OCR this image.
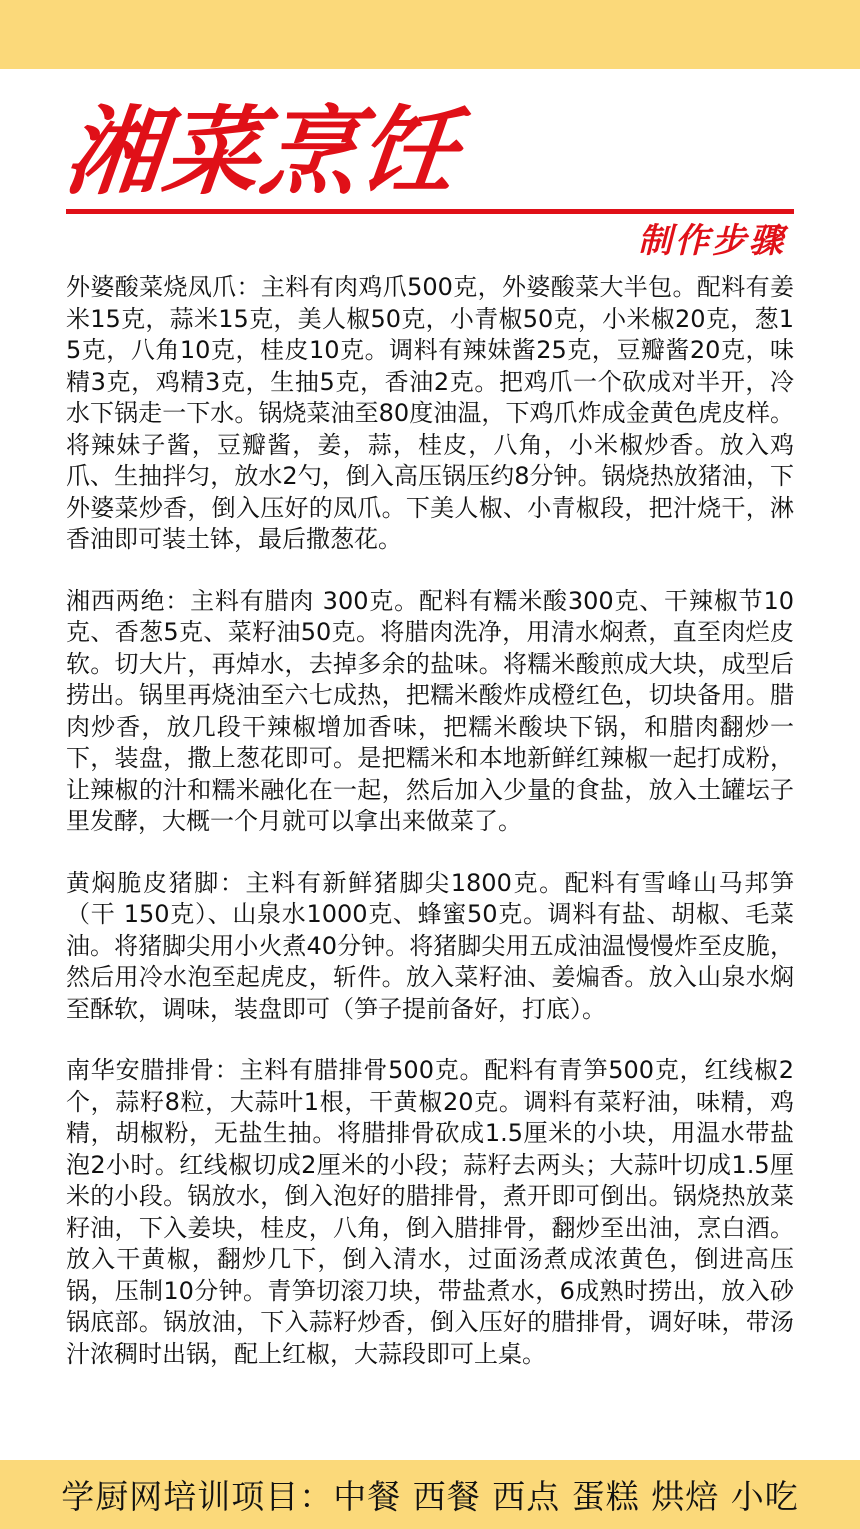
湘菜烹饪
制作步骤

外婆酸菜烧凤爪：主料有肉鸡爪500克，外婆酸菜大半包。配料有姜米15克，蒜米15克，美人椒50克，小青椒50克，小米椒20克，葱15克，八角10克，桂皮10克。调料有辣妹酱25克，豆瓣酱20克，味精3克，鸡精3克，生抽5克，香油2克。把鸡爪一个砍成对半开，冷水下锅走一下水。锅烧菜油至80度油温，下鸡爪炸成金黄色虎皮样。将辣妹子酱，豆瓣酱，姜，蒜，桂皮，八角，小米椒炒香。放入鸡爪、生抽拌匀，放水2勺，倒入高压锅压约8分钟。锅烧热放猪油，下外婆菜炒香，倒入压好的凤爪。下美人椒、小青椒段，把汁烧干，淋香油即可装土钵，最后撒葱花。

湘西两绝：主料有腊肉 300克。配料有糯米酸300克、干辣椒节10克、香葱5克、菜籽油50克。将腊肉洗净，用清水焖煮，直至肉烂皮软。切大片，再焯水，去掉多余的盐味。将糯米酸煎成大块，成型后捞出。锅里再烧油至六七成热，把糯米酸炸成橙红色，切块备用。腊肉炒香，放几段干辣椒增加香味，把糯米酸块下锅，和腊肉翻炒一下，装盘，撒上葱花即可。是把糯米和本地新鲜红辣椒一起打成粉，让辣椒的汁和糯米融化在一起，然后加入少量的食盐，放入土罐坛子里发酵，大概一个月就可以拿出来做菜了。

黄焖脆皮猪脚：主料有新鲜猪脚尖1800克。配料有雪峰山马邦笋（干 150克）、山泉水1000克、蜂蜜50克。调料有盐、胡椒、毛菜油。将猪脚尖用小火煮40分钟。将猪脚尖用五成油温慢慢炸至皮脆，然后用冷水泡至起虎皮，斩件。放入菜籽油、姜煸香。放入山泉水焖至酥软，调味，装盘即可（笋子提前备好，打底）。

南华安腊排骨：主料有腊排骨500克。配料有青笋500克，红线椒2个，蒜籽8粒，大蒜叶1根，干黄椒20克。调料有菜籽油，味精，鸡精，胡椒粉，无盐生抽。将腊排骨砍成1.5厘米的小块，用温水带盐泡2小时。红线椒切成2厘米的小段；蒜籽去两头；大蒜叶切成1.5厘米的小段。锅放水，倒入泡好的腊排骨，煮开即可倒出。锅烧热放菜籽油，下入姜块，桂皮，八角，倒入腊排骨，翻炒至出油，烹白酒。放入干黄椒，翻炒几下，倒入清水，过面汤煮成浓黄色，倒进高压锅，压制10分钟。青笋切滚刀块，带盐煮水，6成熟时捞出，放入砂锅底部。锅放油，下入蒜籽炒香，倒入压好的腊排骨，调好味，带汤汁浓稠时出锅，配上红椒，大蒜段即可上桌。

学厨网培训项目：中餐 西餐 西点 蛋糕 烘焙 小吃
